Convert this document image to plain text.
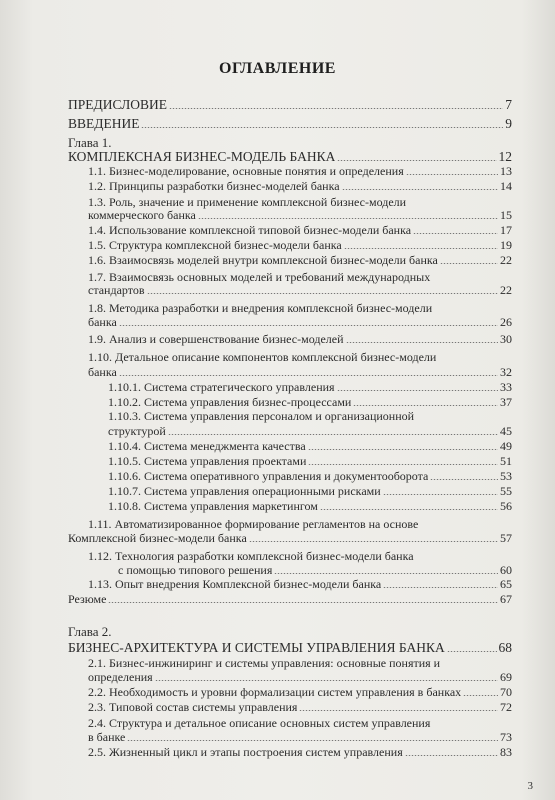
ОГЛАВЛЕНИЕ
ПРЕДИСЛОВИЕ	7
ВВЕДЕНИЕ	9
Глава 1.
КОМПЛЕКСНАЯ БИЗНЕС-МОДЕЛЬ БАНКА	12
1.1. Бизнес-моделирование, основные понятия и определения	13
1.2. Принципы разработки бизнес-моделей банка	14
1.3. Роль, значение и применение комплексной бизнес-модели
коммерческого банка	15
1.4. Использование комплексной типовой бизнес-модели банка	17
1.5. Структура комплексной бизнес-модели банка	19
1.6. Взаимосвязь моделей внутри комплексной бизнес-модели банка	22
1.7. Взаимосвязь основных моделей и требований международных
стандартов	22
1.8. Методика разработки и внедрения комплексной бизнес-модели
банка	26
1.9. Анализ и совершенствование бизнес-моделей	30
1.10. Детальное описание компонентов комплексной бизнес-модели
банка	32
1.10.1. Система стратегического управления	33
1.10.2. Система управления бизнес-процессами	37
1.10.3. Система управления персоналом и организационной
структурой	45
1.10.4. Система менеджмента качества	49
1.10.5. Система управления проектами	51
1.10.6. Система оперативного управления и документооборота	53
1.10.7. Система управления операционными рисками	55
1.10.8. Система управления маркетингом	56
1.11. Автоматизированное формирование регламентов на основе
Комплексной бизнес-модели банка	57
1.12. Технология разработки комплексной бизнес-модели банка
с помощью типового решения	60
1.13. Опыт внедрения Комплексной бизнес-модели банка	65
Резюме	67
Глава 2.
БИЗНЕС-АРХИТЕКТУРА И СИСТЕМЫ УПРАВЛЕНИЯ БАНКА	68
2.1. Бизнес-инжиниринг и системы управления: основные понятия и
определения	69
2.2. Необходимость и уровни формализации систем управления в банках	70
2.3. Типовой состав системы управления	72
2.4. Структура и детальное описание основных систем управления
в банке	73
2.5. Жизненный цикл и этапы построения систем управления	83
3
